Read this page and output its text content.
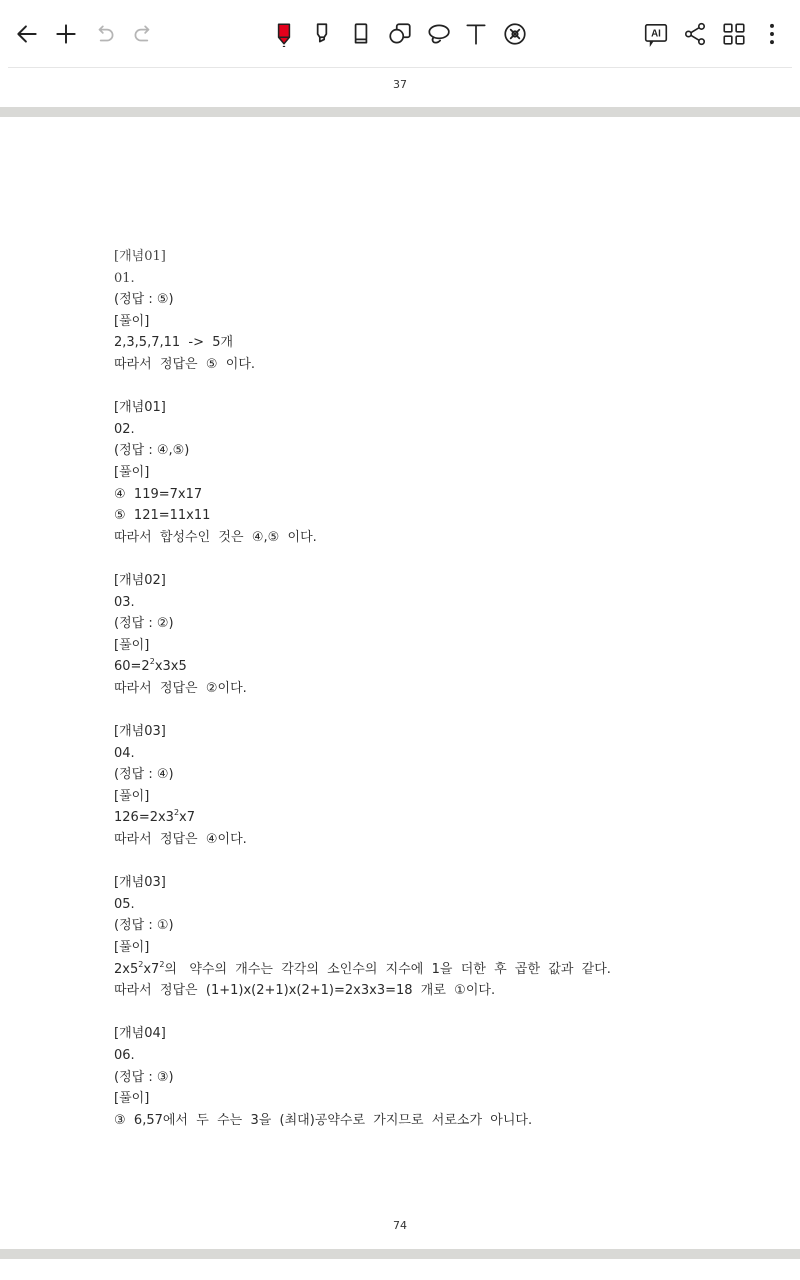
AI
37
[개념01]
01.
(정답 : ⑤)
[풀이]
2,3,5,7,11  ->  5개
따라서  정답은  ⑤  이다.
[개념01]
02.
(정답 : ④,⑤)
[풀이]
④  119=7x17
⑤  121=11x11
따라서  합성수인  것은  ④,⑤  이다.
[개념02]
03.
(정답 : ②)
[풀이]
$60=2^2x3x5$
따라서  정답은  ②이다.
[개념03]
04.
(정답 : ④)
[풀이]
$126=2x3^2x7$
따라서  정답은  ④이다.
[개념03]
05.
(정답 : ①)
[풀이]
$2x5^2x7^2$의   약수의  개수는  각각의  소인수의  지수에  1을  더한  후  곱한  값과  같다.
따라서  정답은  (1+1)x(2+1)x(2+1)=2x3x3=18  개로  ①이다.
[개념04]
06.
(정답 : ③)
[풀이]
③  6,57에서  두  수는  3을  (최대)공약수로  가지므로  서로소가  아니다.
74
